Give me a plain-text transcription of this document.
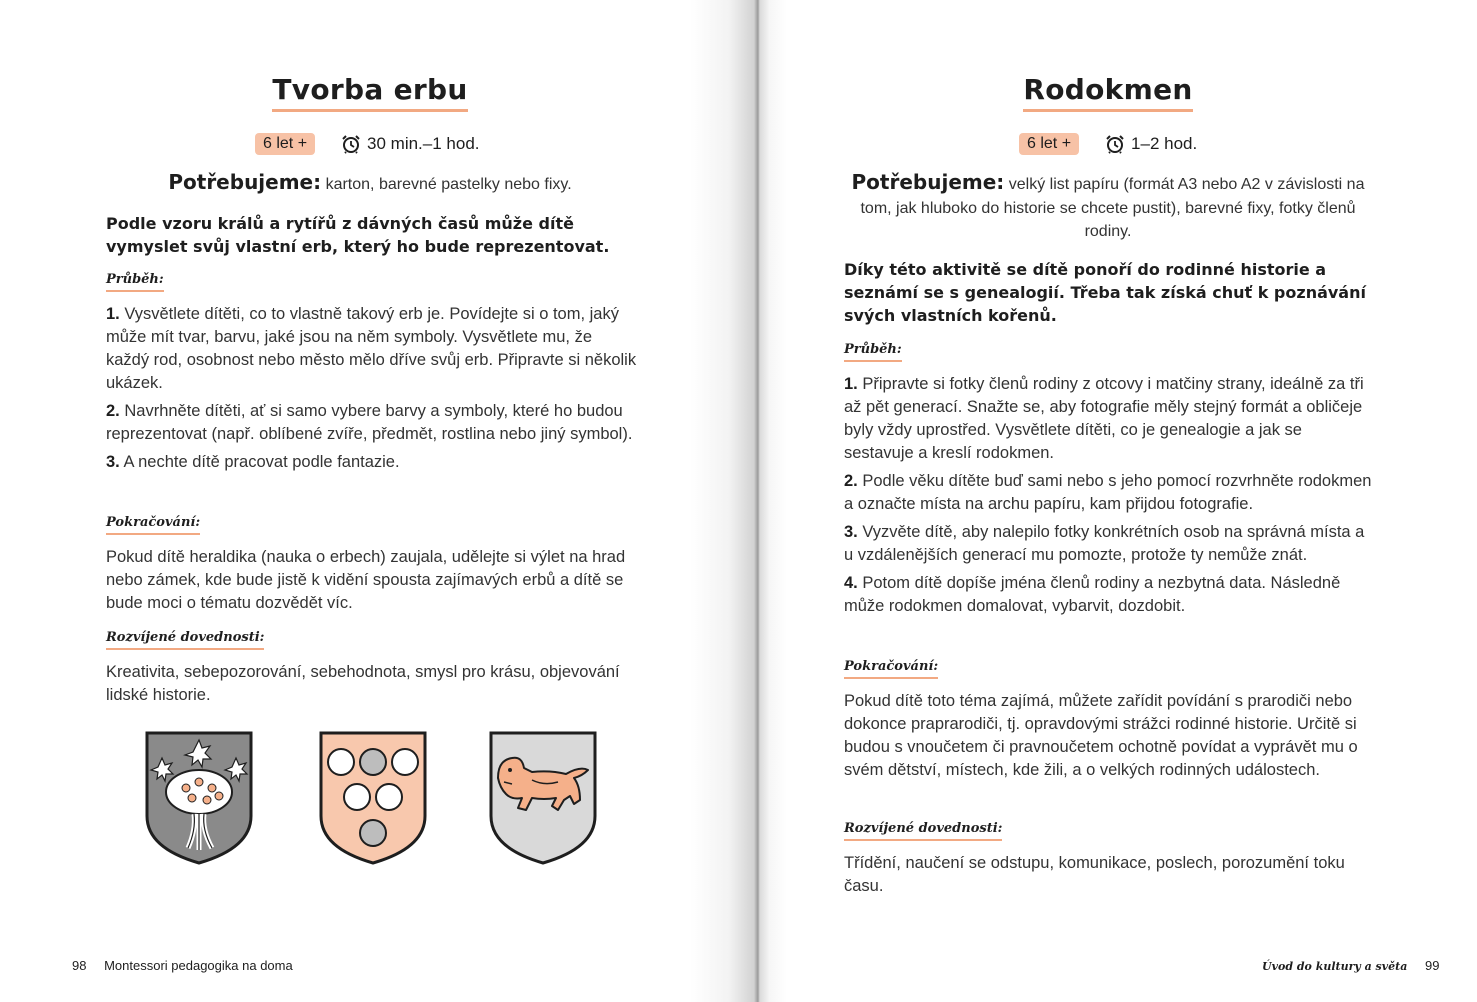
Tvorba erbu
6 let +	30 min.–1 hod.
Potřebujeme: karton, barevné pastelky nebo fixy.
Podle vzoru králů a rytířů z dávných časů může dítě vymyslet svůj vlastní erb, který ho bude reprezentovat.
Průběh:
1. Vysvětlete dítěti, co to vlastně takový erb je. Povídejte si o tom, jaký může mít tvar, barvu, jaké jsou na něm symboly. Vysvětlete mu, že každý rod, osobnost nebo město mělo dříve svůj erb. Připravte si několik ukázek.
2. Navrhněte dítěti, ať si samo vybere barvy a symboly, které ho budou reprezentovat (např. oblíbené zvíře, předmět, rostlina nebo jiný symbol).
3. A nechte dítě pracovat podle fantazie.
Pokračování:
Pokud dítě heraldika (nauka o erbech) zaujala, udělejte si výlet na hrad nebo zámek, kde bude jistě k vidění spousta zajímavých erbů a dítě se bude moci o tématu dozvědět víc.
Rozvíjené dovednosti:
Kreativita, sebepozorování, sebehodnota, smysl pro krásu, objevování lidské historie.
98 Montessori pedagogika na doma
Rodokmen
6 let +	1–2 hod.
Potřebujeme: velký list papíru (formát A3 nebo A2 v závislosti na tom, jak hluboko do historie se chcete pustit), barevné fixy, fotky členů rodiny.
Díky této aktivitě se dítě ponoří do rodinné historie a seznámí se s genealogií. Třeba tak získá chuť k poznávání svých vlastních kořenů.
Průběh:
1. Připravte si fotky členů rodiny z otcovy i matčiny strany, ideálně za tři až pět generací. Snažte se, aby fotografie měly stejný formát a obličeje byly vždy uprostřed. Vysvětlete dítěti, co je genealogie a jak se sestavuje a kreslí rodokmen.
2. Podle věku dítěte buď sami nebo s jeho pomocí rozvrhněte rodokmen a označte místa na archu papíru, kam přijdou fotografie.
3. Vyzvěte dítě, aby nalepilo fotky konkrétních osob na správná místa a u vzdálenějších generací mu pomozte, protože ty nemůže znát.
4. Potom dítě dopíše jména členů rodiny a nezbytná data. Následně může rodokmen domalovat, vybarvit, dozdobit.
Pokračování:
Pokud dítě toto téma zajímá, můžete zařídit povídání s prarodiči nebo dokonce praprarodiči, tj. opravdovými strážci rodinné historie. Určitě si budou s vnoučetem či pravnoučetem ochotně povídat a vyprávět mu o svém dětství, místech, kde žili, a o velkých rodinných událostech.
Rozvíjené dovednosti:
Třídění, naučení se odstupu, komunikace, poslech, porozumění toku času.
Úvod do kultury a světa 99
